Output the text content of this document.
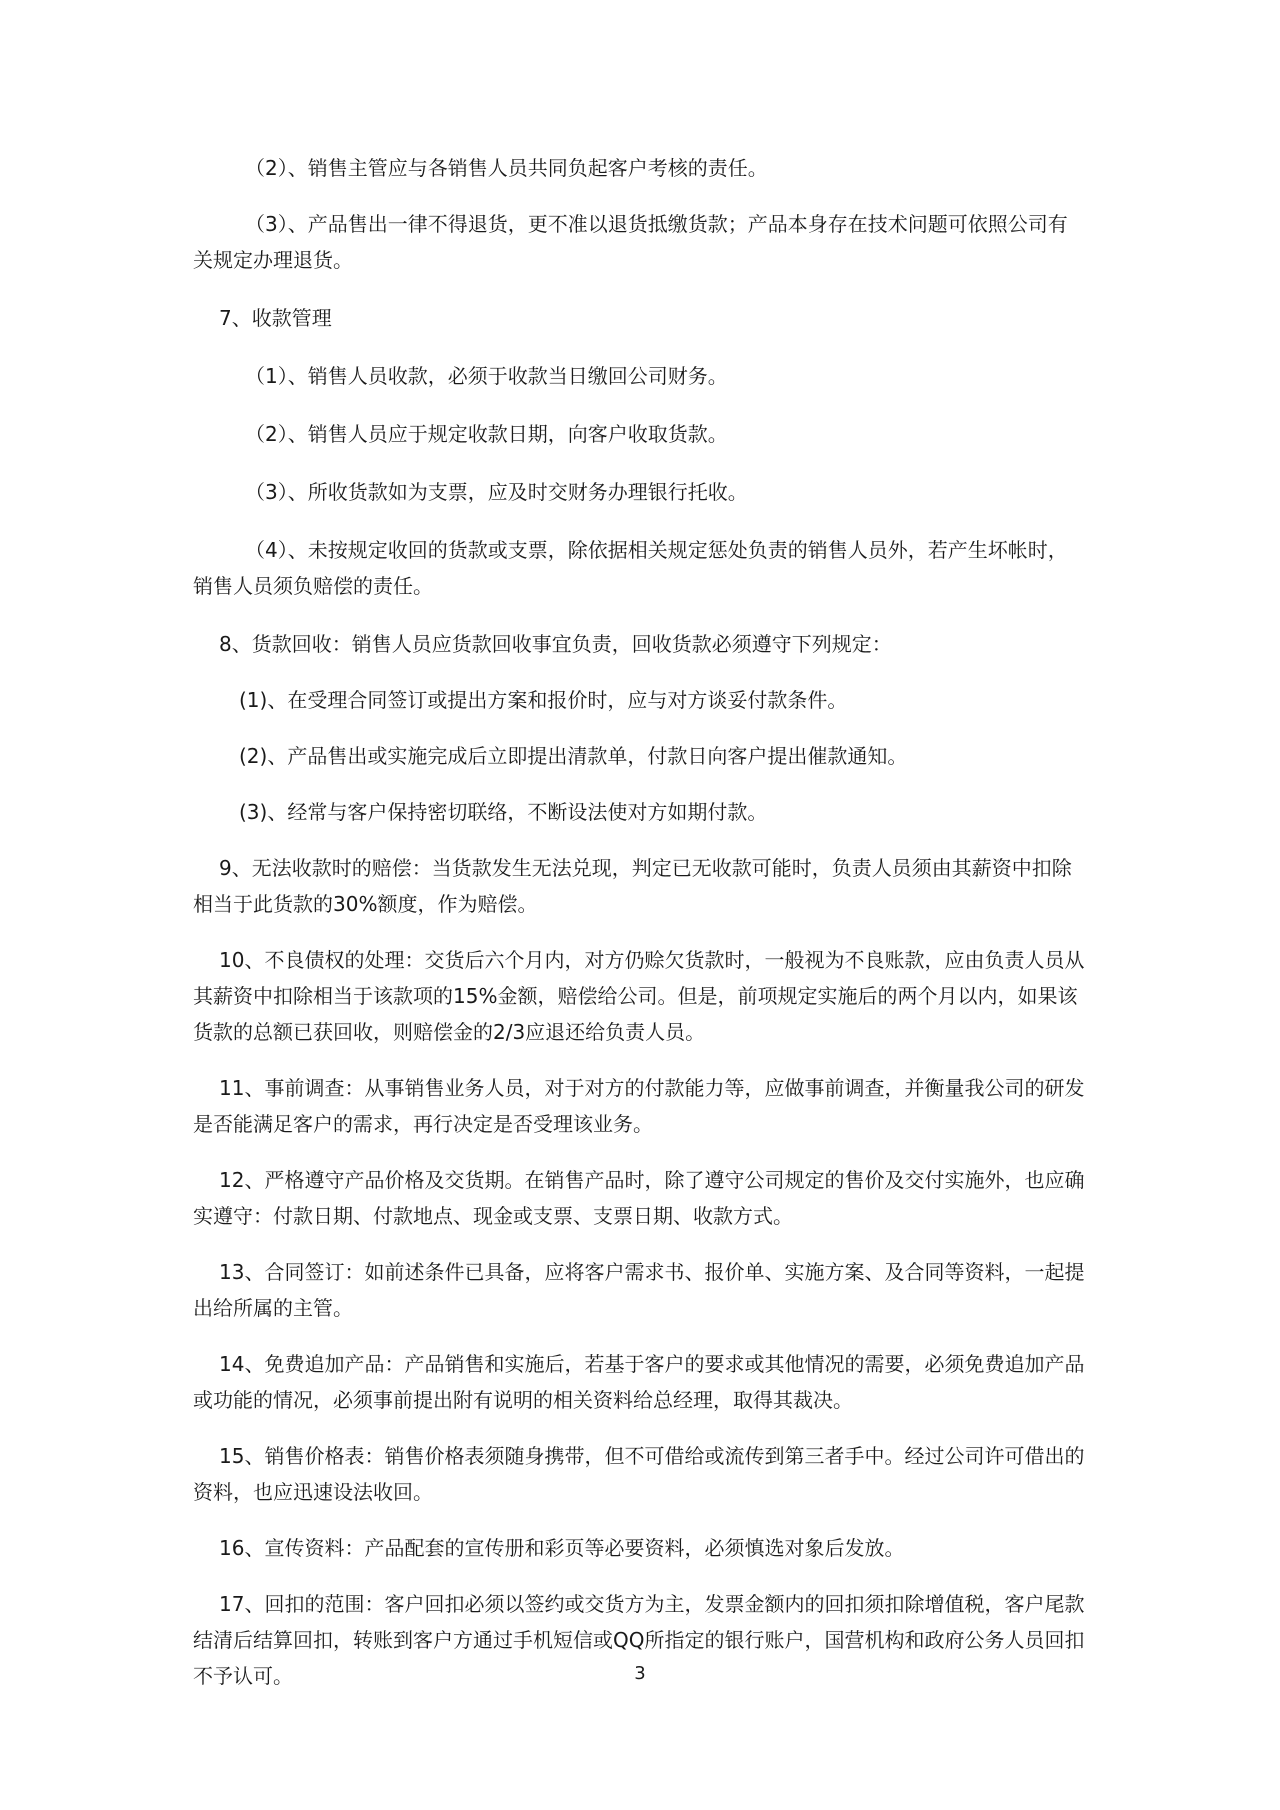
（2）、销售主管应与各销售人员共同负起客户考核的责任。

（3）、产品售出一律不得退货，更不准以退货抵缴货款；产品本身存在技术问题可依照公司有关规定办理退货。

7、收款管理

（1）、销售人员收款，必须于收款当日缴回公司财务。

（2）、销售人员应于规定收款日期，向客户收取货款。

（3）、所收货款如为支票，应及时交财务办理银行托收。

（4）、未按规定收回的货款或支票，除依据相关规定惩处负责的销售人员外，若产生坏帐时，销售人员须负赔偿的责任。

8、货款回收：销售人员应货款回收事宜负责，回收货款必须遵守下列规定：

(1)、在受理合同签订或提出方案和报价时，应与对方谈妥付款条件。

(2)、产品售出或实施完成后立即提出清款单，付款日向客户提出催款通知。

(3)、经常与客户保持密切联络，不断设法使对方如期付款。

9、无法收款时的赔偿：当货款发生无法兑现，判定已无收款可能时，负责人员须由其薪资中扣除相当于此货款的30%额度，作为赔偿。

10、不良债权的处理：交货后六个月内，对方仍赊欠货款时，一般视为不良账款，应由负责人员从其薪资中扣除相当于该款项的15%金额，赔偿给公司。但是，前项规定实施后的两个月以内，如果该货款的总额已获回收，则赔偿金的2/3应退还给负责人员。

11、事前调查：从事销售业务人员，对于对方的付款能力等，应做事前调查，并衡量我公司的研发是否能满足客户的需求，再行决定是否受理该业务。

12、严格遵守产品价格及交货期。在销售产品时，除了遵守公司规定的售价及交付实施外，也应确实遵守：付款日期、付款地点、现金或支票、支票日期、收款方式。

13、合同签订：如前述条件已具备，应将客户需求书、报价单、实施方案、及合同等资料，一起提出给所属的主管。

14、免费追加产品：产品销售和实施后，若基于客户的要求或其他情况的需要，必须免费追加产品或功能的情况，必须事前提出附有说明的相关资料给总经理，取得其裁决。

15、销售价格表：销售价格表须随身携带，但不可借给或流传到第三者手中。经过公司许可借出的资料，也应迅速设法收回。

16、宣传资料：产品配套的宣传册和彩页等必要资料，必须慎选对象后发放。

17、回扣的范围：客户回扣必须以签约或交货方为主，发票金额内的回扣须扣除增值税，客户尾款结清后结算回扣，转账到客户方通过手机短信或QQ所指定的银行账户，国营机构和政府公务人员回扣不予认可。	3
